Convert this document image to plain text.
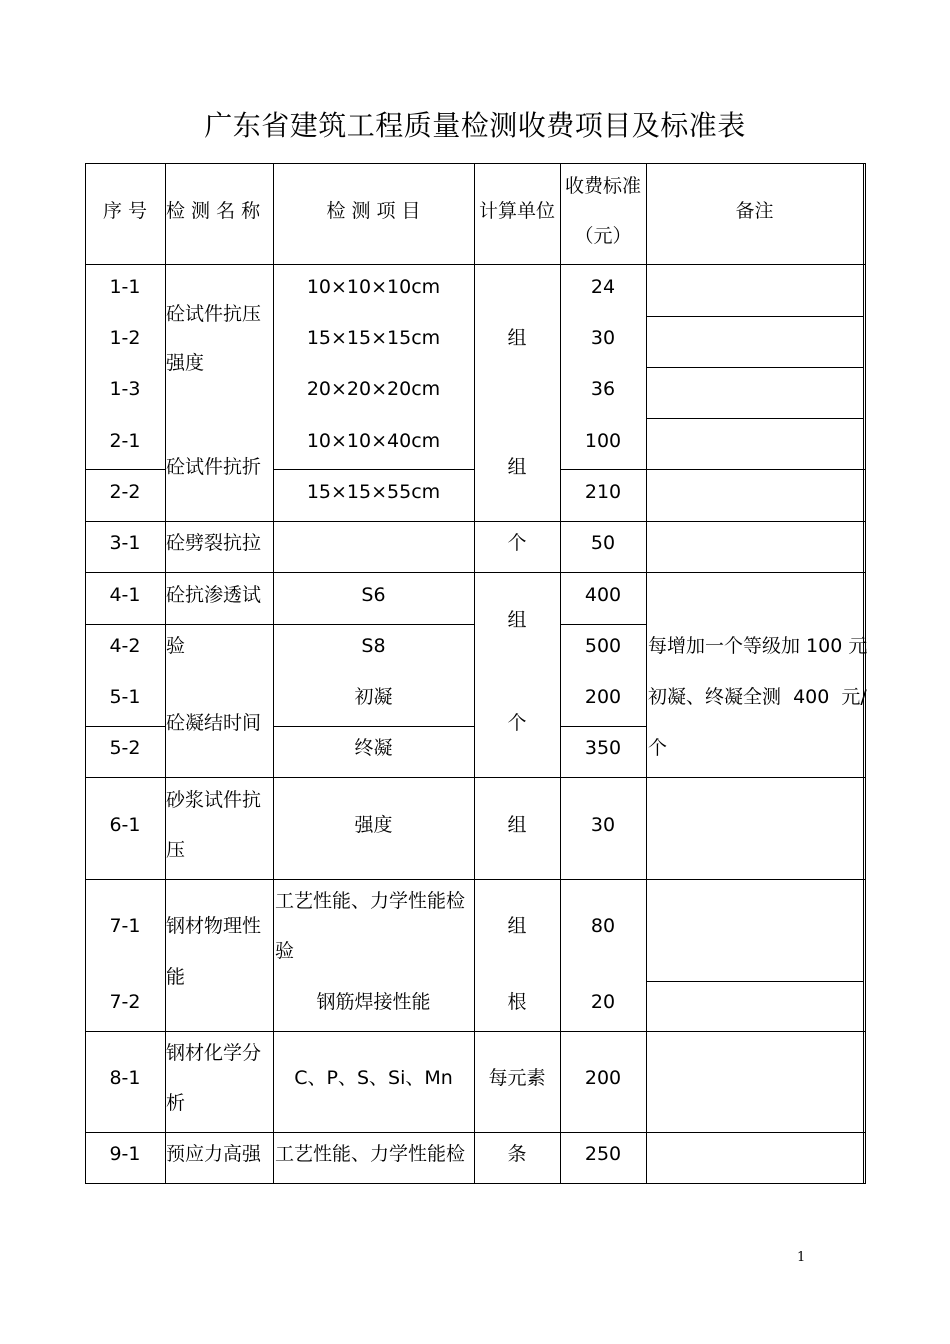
广东省建筑工程质量检测收费项目及标准表
序 号 检 测 名 称	检 测 项 目	计算单位
收费标准
（元）
备注
1-1
1-2
1-3
2-1
2-2
3-1
4-1
4-2
5-1
5-2
6-1
7-1
7-2
8-1
9-1
砼试件抗压
强度
砼试件抗折
砼劈裂抗拉
砼抗渗透试
验
砼凝结时间
砂浆试件抗
压
钢材物理性
能
钢材化学分
析
预应力高强
10×10×10cm
15×15×15cm
20×20×20cm
10×10×40cm
15×15×55cm
S6
S8
初凝
终凝
强度
工艺性能、力学性能检
验
钢筋焊接性能
C、P、S、Si、Mn
工艺性能、力学性能检
组
组
个
组
个
组
组
根
每元素
条
24
30
36
100
210
50
400
500
200
350
30
80
20
200
250
每增加一个等级加 100 元
初凝、终凝全测  400  元/
个
1
